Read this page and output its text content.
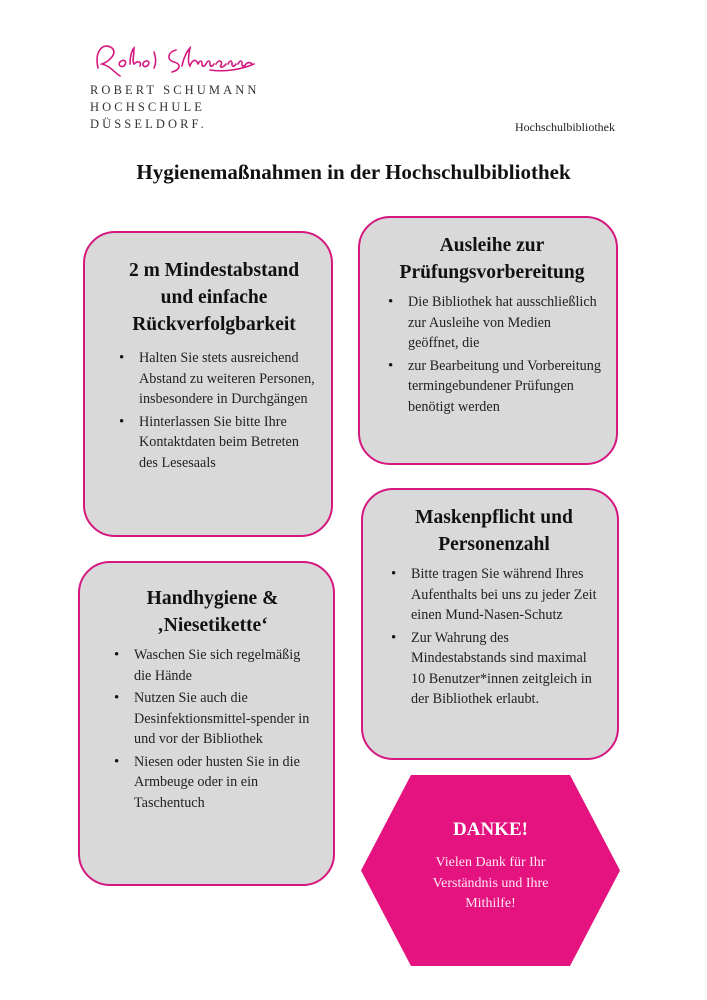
ROBERT SCHUMANN
HOCHSCHULE
DÜSSELDORF.	Hochschulbibliothek
Hygienemaßnahmen in der Hochschulbibliothek
2 m Mindestabstand
und einfache
Rückverfolgbarkeit
• Halten Sie stets ausreichend Abstand zu weiteren Personen, insbesondere in Durchgängen
• Hinterlassen Sie bitte Ihre Kontaktdaten beim Betreten des Lesesaals
Ausleihe zur
Prüfungsvorbereitung
• Die Bibliothek hat ausschließlich zur Ausleihe von Medien geöffnet, die
• zur Bearbeitung und Vorbereitung termingebundener Prüfungen benötigt werden
Maskenpflicht und
Personenzahl
• Bitte tragen Sie während Ihres Aufenthalts bei uns zu jeder Zeit einen Mund-Nasen-Schutz
• Zur Wahrung des Mindestabstands sind maximal 10 Benutzer*innen zeitgleich in der Bibliothek erlaubt.
Handhygiene &
‚Niesetikette‘
• Waschen Sie sich regelmäßig die Hände
• Nutzen Sie auch die Desinfektionsmittel-spender in und vor der Bibliothek
• Niesen oder husten Sie in die Armbeuge oder in ein Taschentuch
DANKE!
Vielen Dank für Ihr Verständnis und Ihre Mithilfe!
